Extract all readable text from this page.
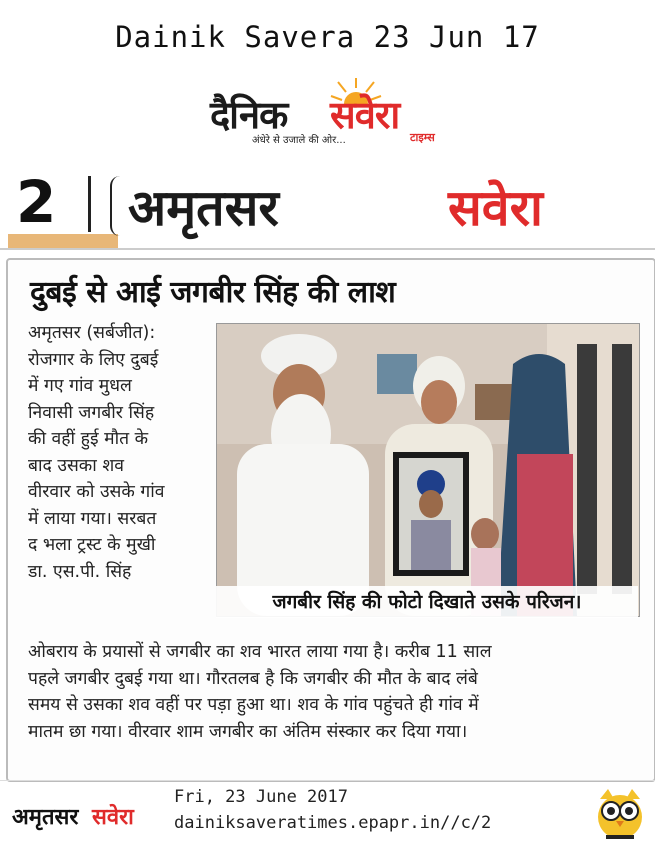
Dainik Savera 23 Jun 17
दैनिक सवेरा
अंधेरे से उजाले की ओर...	टाइम्स
2 अमृतसर	सवेरा
दुबई से आई जगबीर सिंह की लाश
अमृतसर (सर्बजीत):
रोजगार के लिए दुबई
में गए गांव मुधल
निवासी जगबीर सिंह
की वहीं हुई मौत के
बाद उसका शव
वीरवार को उसके गांव
में लाया गया। सरबत
द भला ट्रस्ट के मुखी
डा. एस.पी. सिंह
जगबीर सिंह की फोटो दिखाते उसके परिजन।
ओबराय के प्रयासों से जगबीर का शव भारत लाया गया है। करीब 11 साल
पहले जगबीर दुबई गया था। गौरतलब है कि जगबीर की मौत के बाद लंबे
समय से उसका शव वहीं पर पड़ा हुआ था। शव के गांव पहुंचते ही गांव में
मातम छा गया। वीरवार शाम जगबीर का अंतिम संस्कार कर दिया गया।
अमृतसर सवेरा
Fri, 23 June 2017
dainiksaveratimes.epapr.in//c/2
